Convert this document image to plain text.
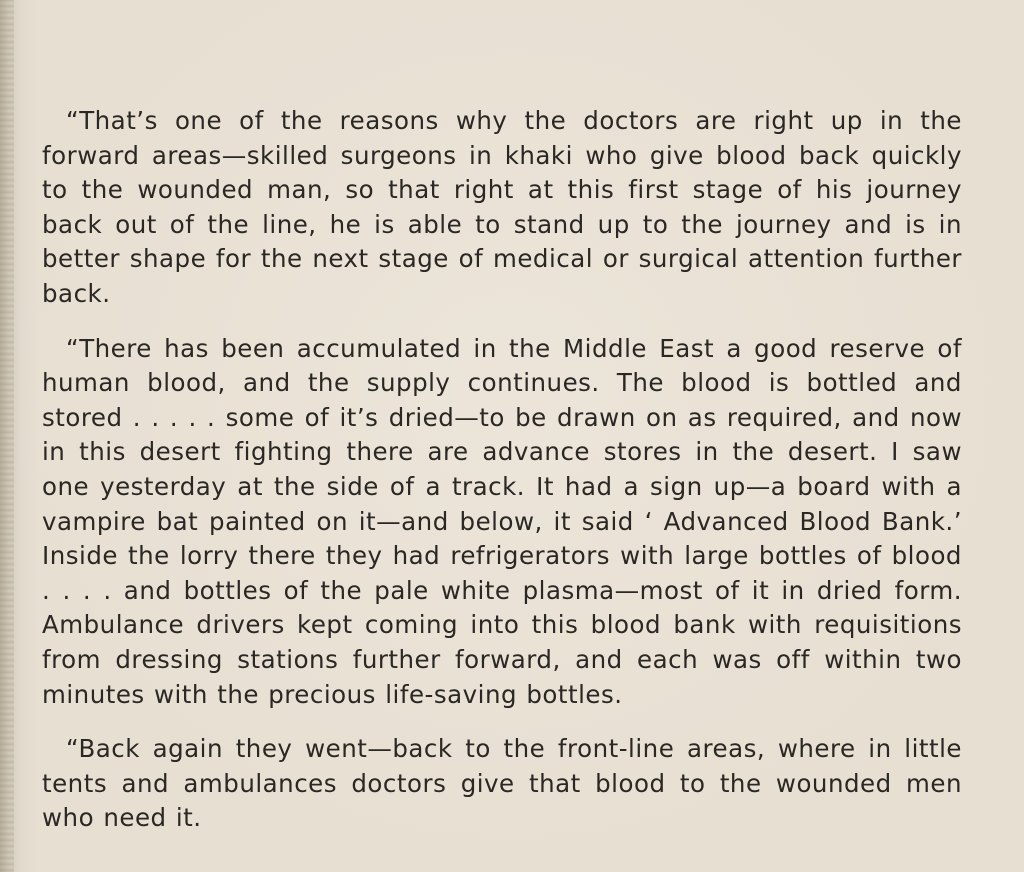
“That’s one of the reasons why the doctors are right up in the forward areas—skilled surgeons in khaki who give blood back quickly to the wounded man, so that right at this first stage of his journey back out of the line, he is able to stand up to the journey and is in better shape for the next stage of medical or surgical attention further back.

“There has been accumulated in the Middle East a good reserve of human blood, and the supply continues. The blood is bottled and stored . . . . . some of it’s dried—to be drawn on as required, and now in this desert fighting there are advance stores in the desert. I saw one yesterday at the side of a track. It had a sign up—a board with a vampire bat painted on it—and below, it said ‘ Advanced Blood Bank.’ Inside the lorry there they had refrigerators with large bottles of blood . . . . and bottles of the pale white plasma—most of it in dried form. Ambulance drivers kept coming into this blood bank with requisitions from dressing stations further forward, and each was off within two minutes with the precious life-saving bottles.

“Back again they went—back to the front-line areas, where in little tents and ambulances doctors give that blood to the wounded men who need it.
